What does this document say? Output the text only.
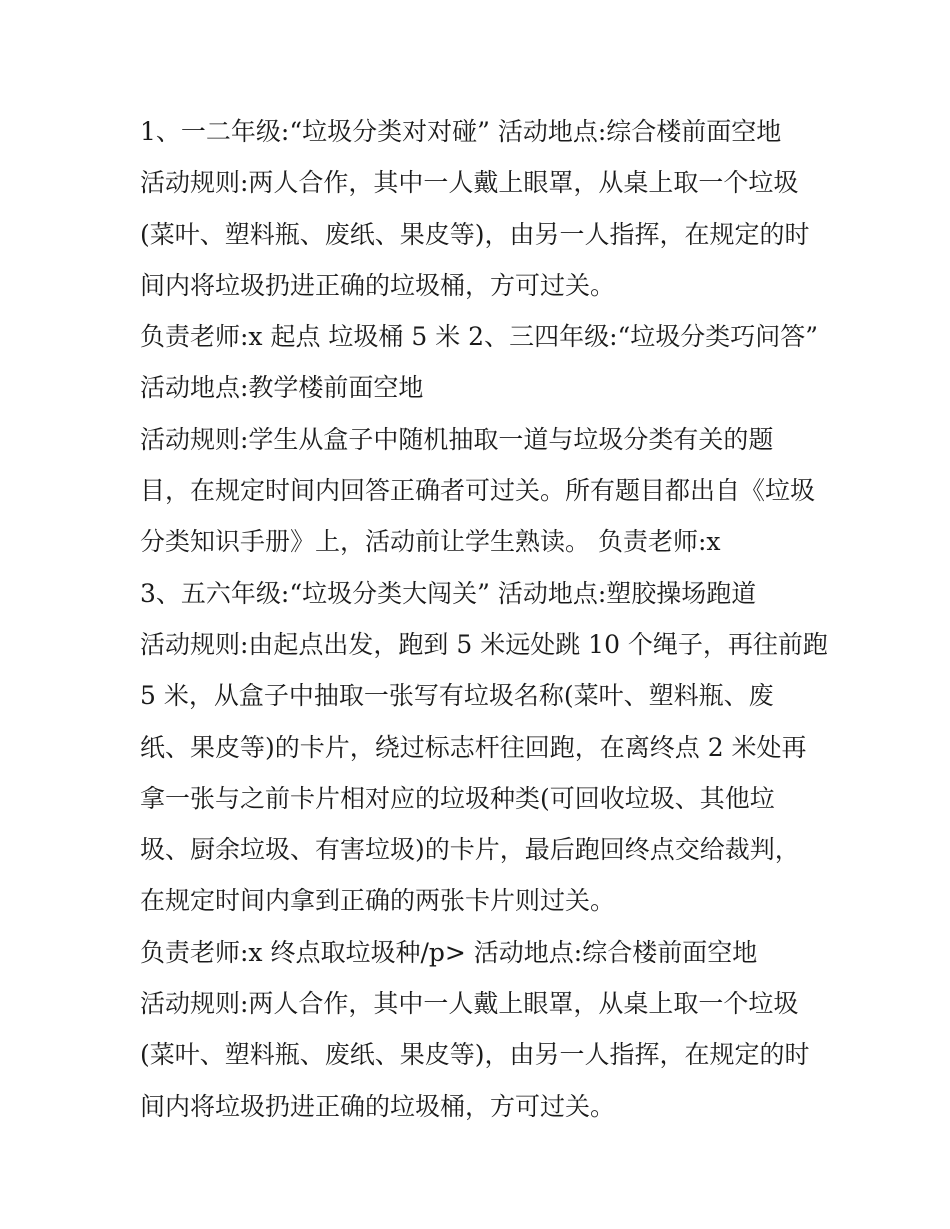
1、一二年级:“垃圾分类对对碰” 活动地点:综合楼前面空地
活动规则:两人合作，其中一人戴上眼罩，从桌上取一个垃圾
(菜叶、塑料瓶、废纸、果皮等)，由另一人指挥，在规定的时
间内将垃圾扔进正确的垃圾桶，方可过关。
负责老师:x 起点 垃圾桶 5 米 2、三四年级:“垃圾分类巧问答”
活动地点:教学楼前面空地
活动规则:学生从盒子中随机抽取一道与垃圾分类有关的题
目，在规定时间内回答正确者可过关。所有题目都出自《垃圾
分类知识手册》上，活动前让学生熟读。 负责老师:x
3、五六年级:“垃圾分类大闯关” 活动地点:塑胶操场跑道
活动规则:由起点出发，跑到 5 米远处跳 10 个绳子，再往前跑
5 米，从盒子中抽取一张写有垃圾名称(菜叶、塑料瓶、废
纸、果皮等)的卡片，绕过标志杆往回跑，在离终点 2 米处再
拿一张与之前卡片相对应的垃圾种类(可回收垃圾、其他垃
圾、厨余垃圾、有害垃圾)的卡片，最后跑回终点交给裁判，
在规定时间内拿到正确的两张卡片则过关。
负责老师:x 终点取垃圾种/p> 活动地点:综合楼前面空地
活动规则:两人合作，其中一人戴上眼罩，从桌上取一个垃圾
(菜叶、塑料瓶、废纸、果皮等)，由另一人指挥，在规定的时
间内将垃圾扔进正确的垃圾桶，方可过关。
